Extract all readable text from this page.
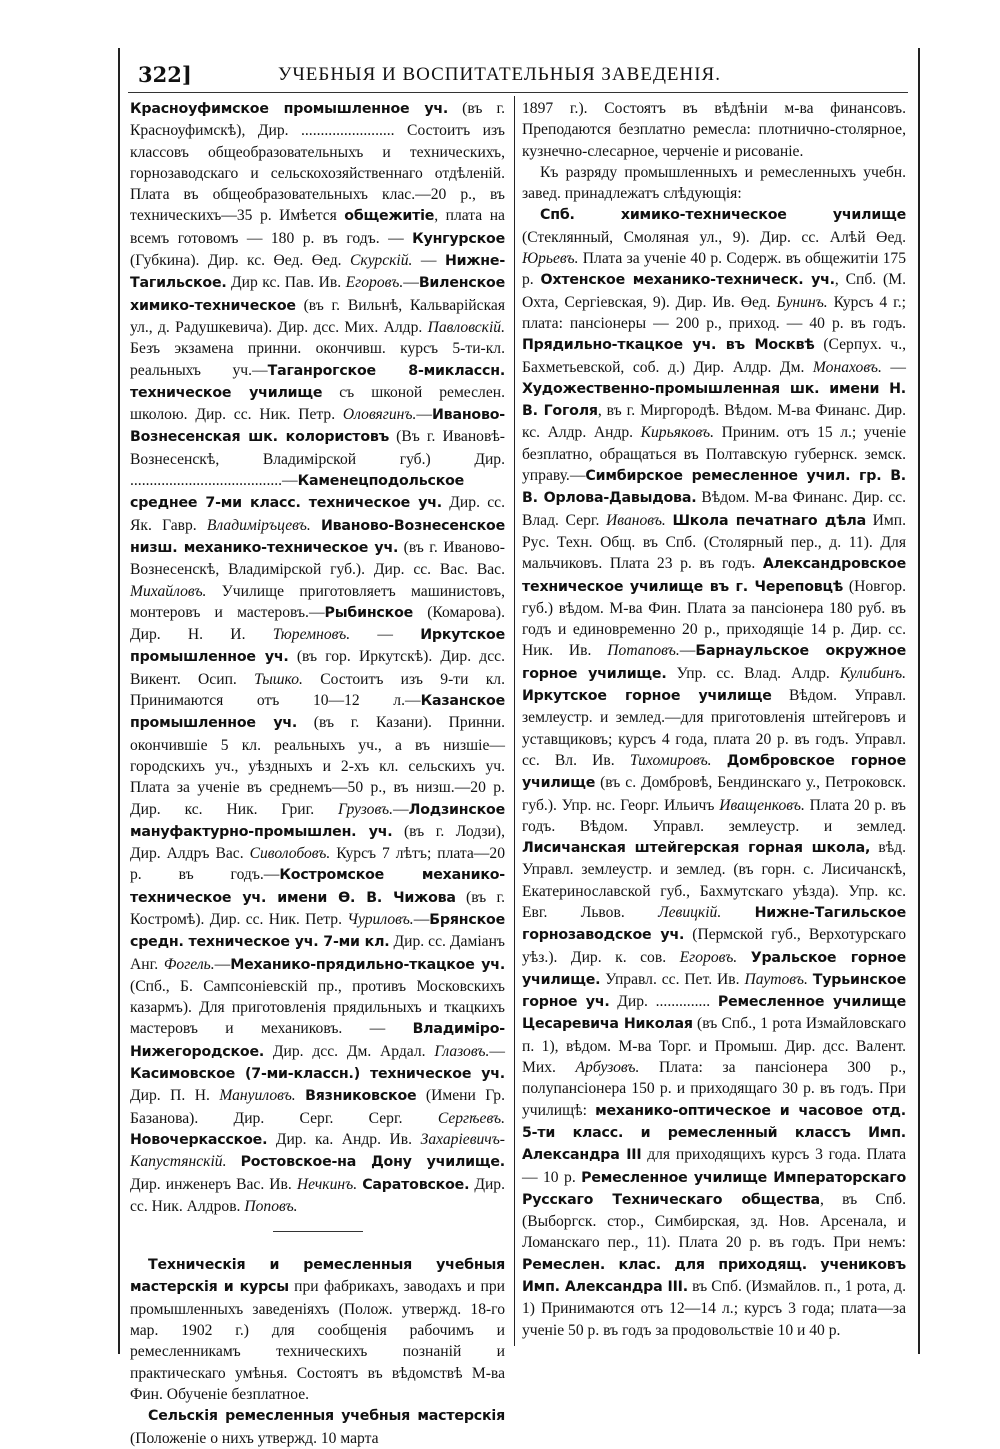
322]	УЧЕБНЫЯ И ВОСПИТАТЕЛЬНЫЯ ЗАВЕДЕНІЯ.

Красноуфимское промышленное уч. (въ г. Красноуфимскѣ), Дир. ........................ Состоитъ изъ классовъ общеобразовательныхъ и техническихъ, горнозаводскаго и сельскохозяйственнаго отдѣленій. Плата въ общеобразовательныхъ клас.—20 р., въ техническихъ—35 р. Имѣется общежитіе, плата на всемъ готовомъ — 180 р. въ годъ. — Кунгурское (Губкина). Дир. кс. Өед. Өед. Скурскій. — Нижне-Тагильское. Дир кс. Пав. Ив. Егоровъ.—Виленское химико-техническое (въ г. Вильнѣ, Кальварійская ул., д. Радушкевича). Дир. дсс. Мих. Алдр. Павловскій. Безъ экзамена принни. окончивш. курсъ 5-ти-кл. реальныхъ уч.—Таганрогское 8-миклассн. техническое училище съ шконой ремеслен. школою. Дир. сс. Ник. Петр. Оловягинъ.—Иваново-Вознесенская шк. колористовъ (Въ г. Ивановѣ-Вознесенскѣ, Владимірской губ.) Дир. .......................................—Каменецподольское среднее 7-ми класс. техническое уч. Дир. сс. Як. Гавр. Владиміръцевъ. Иваново-Вознесенское низш. механико-техническое уч. (въ г. Иваново-Вознесенскѣ, Владимірской губ.). Дир. сс. Вас. Вас. Михайловъ. Училище приготовляетъ машинистовъ, монтеровъ и мастеровъ.—Рыбинское (Комарова). Дир. Н. И. Тюремновъ. — Иркутское промышленное уч. (въ гор. Иркутскѣ). Дир. дсс. Викент. Осип. Тышко. Состоитъ изъ 9-ти кл. Принимаются отъ 10—12 л.—Казанское промышленное уч. (въ г. Казани). Принни. окончившіе 5 кл. реальныхъ уч., а въ низшіе—городскихъ уч., уѣздныхъ и 2-хъ кл. сельскихъ уч. Плата за ученіе въ среднемъ—50 р., въ низш.—20 р. Дир. кс. Ник. Григ. Грузовъ.—Лодзинское мануфактурно-промышлен. уч. (въ г. Лодзи), Дир. Алдръ Вас. Сиволобовъ. Курсъ 7 лѣтъ; плата—20 р. въ годъ.—Костромское механико-техническое уч. имени Ө. В. Чижова (въ г. Костромѣ). Дир. сс. Ник. Петр. Чуриловъ.—Брянское средн. техническое уч. 7-ми кл. Дир. сс. Даміанъ Анг. Фогель.—Механико-прядильно-ткацкое уч. (Спб., Б. Сампсоніевскій пр., противъ Московскихъ казармъ). Для приготовленія прядильныхъ и ткацкихъ мастеровъ и механиковъ. — Владиміро-Нижегородское. Дир. дсс. Дм. Ардал. Глазовъ.—Касимовское (7-ми-классн.) техническое уч. Дир. П. Н. Мануиловъ. Вязниковское (Имени Гр. Базанова). Дир. Серг. Серг. Сергѣевъ. Новочеркасское. Дир. ка. Андр. Ив. Захаріевичъ-Капустянскій. Ростовское-на Дону училище. Дир. инженеръ Вас. Ив. Нечкинъ. Саратовское. Дир. сс. Ник. Алдров. Поповъ.

Техническія и ремесленныя учебныя мастерскія и курсы при фабрикахъ, заводахъ и при промышленныхъ заведеніяхъ (Полож. утвержд. 18-го мар. 1902 г.) для сообщенія рабочимъ и ремесленникамъ техническихъ познаній и практическаго умѣнья. Состоятъ въ вѣдомствѣ М-ва Фин. Обученіе безплатное.

Сельскія ремесленныя учебныя мастерскія (Положеніе о нихъ утвержд. 10 марта

1897 г.). Состоятъ въ вѣдѣніи м-ва финансовъ. Преподаются безплатно ремесла: плотнично-столярное, кузнечно-слесарное, черченіе и рисованіе.

Къ разряду промышленныхъ и ремесленныхъ учебн. завед. принадлежатъ слѣдующія:

Спб. химико-техническое училище (Стеклянный, Смоляная ул., 9). Дир. сс. Алѣй Өед. Юрьевъ. Плата за ученіе 40 р. Содерж. въ общежитіи 175 р. Охтенское механико-техническ. уч., Спб. (М. Охта, Сергіевская, 9). Дир. Ив. Өед. Бунинъ. Курсъ 4 г.; плата: пансіонеры — 200 р., приход. — 40 р. въ годъ. Прядильно-ткацкое уч. въ Москвѣ (Серпух. ч., Бахметьевской, соб. д.) Дир. Алдр. Дм. Монаховъ. — Художественно-промышленная шк. имени Н. В. Гоголя, въ г. Миргородѣ. Вѣдом. М-ва Финанс. Дир. кс. Алдр. Андр. Кирьяковъ. Приним. отъ 15 л.; ученіе безплатно, обращаться въ Полтавскую губернск. земск. управу.—Симбирское ремесленное учил. гр. В. В. Орлова-Давыдова. Вѣдом. М-ва Финанс. Дир. сс. Влад. Серг. Ивановъ. Школа печатнаго дѣла Имп. Рус. Техн. Общ. въ Спб. (Столярный пер., д. 11). Для мальчиковъ. Плата 23 р. въ годъ. Александровское техническое училище въ г. Череповцѣ (Новгор. губ.) вѣдом. М-ва Фин. Плата за пансіонера 180 руб. въ годъ и единовременно 20 р., приходящіе 14 р. Дир. сс. Ник. Ив. Потаповъ.—Барнаульское окружное горное училище. Упр. сс. Влад. Алдр. Кулибинъ. Иркутское горное училище Вѣдом. Управл. землеустр. и землед.—для приготовленія штейгеровъ и уставщиковъ; курсъ 4 года, плата 20 р. въ годъ. Управл. сс. Вл. Ив. Тихомировъ. Домбровское горное училище (въ с. Домбровѣ, Бендинскаго у., Петроковск. губ.). Упр. нс. Георг. Ильичъ Иващенковъ. Плата 20 р. въ годъ. Вѣдом. Управл. землеустр. и землед. Лисичанская штейгерская горная школа, вѣд. Управл. землеустр. и землед. (въ горн. с. Лисичанскѣ, Екатеринославской губ., Бахмутскаго уѣзда). Упр. кс. Евг. Львов. Левицкій. Нижне-Тагильское горнозаводское уч. (Пермской губ., Верхотурскаго уѣз.). Дир. к. сов. Егоровъ. Уральское горное училище. Управл. сс. Пет. Ив. Паутовъ. Турьинское горное уч. Дир. .............. Ремесленное училище Цесаревича Николая (въ Спб., 1 рота Измайловскаго п. 1), вѣдом. М-ва Торг. и Промыш. Дир. дсс. Валент. Мих. Арбузовъ. Плата: за пансіонера 300 р., полупансіонера 150 р. и приходящаго 30 р. въ годъ. При училищѣ: механико-оптическое и часовое отд. 5-ти класс. и ремесленный классъ Имп. Александра III для приходящихъ курсъ 3 года. Плата — 10 р. Ремесленное училище Императорскаго Русскаго Техническаго общества, въ Спб. (Выборгск. стор., Симбирская, зд. Нов. Арсенала, и Ломанскаго пер., 11). Плата 20 р. въ годъ. При немъ: Ремеслен. клас. для приходящ. учениковъ Имп. Александра III. въ Спб. (Измайлов. п., 1 рота, д. 1) Принимаются отъ 12—14 л.; курсъ 3 года; плата—за ученіе 50 р. въ годъ за продовольствіе 10 и 40 р.
